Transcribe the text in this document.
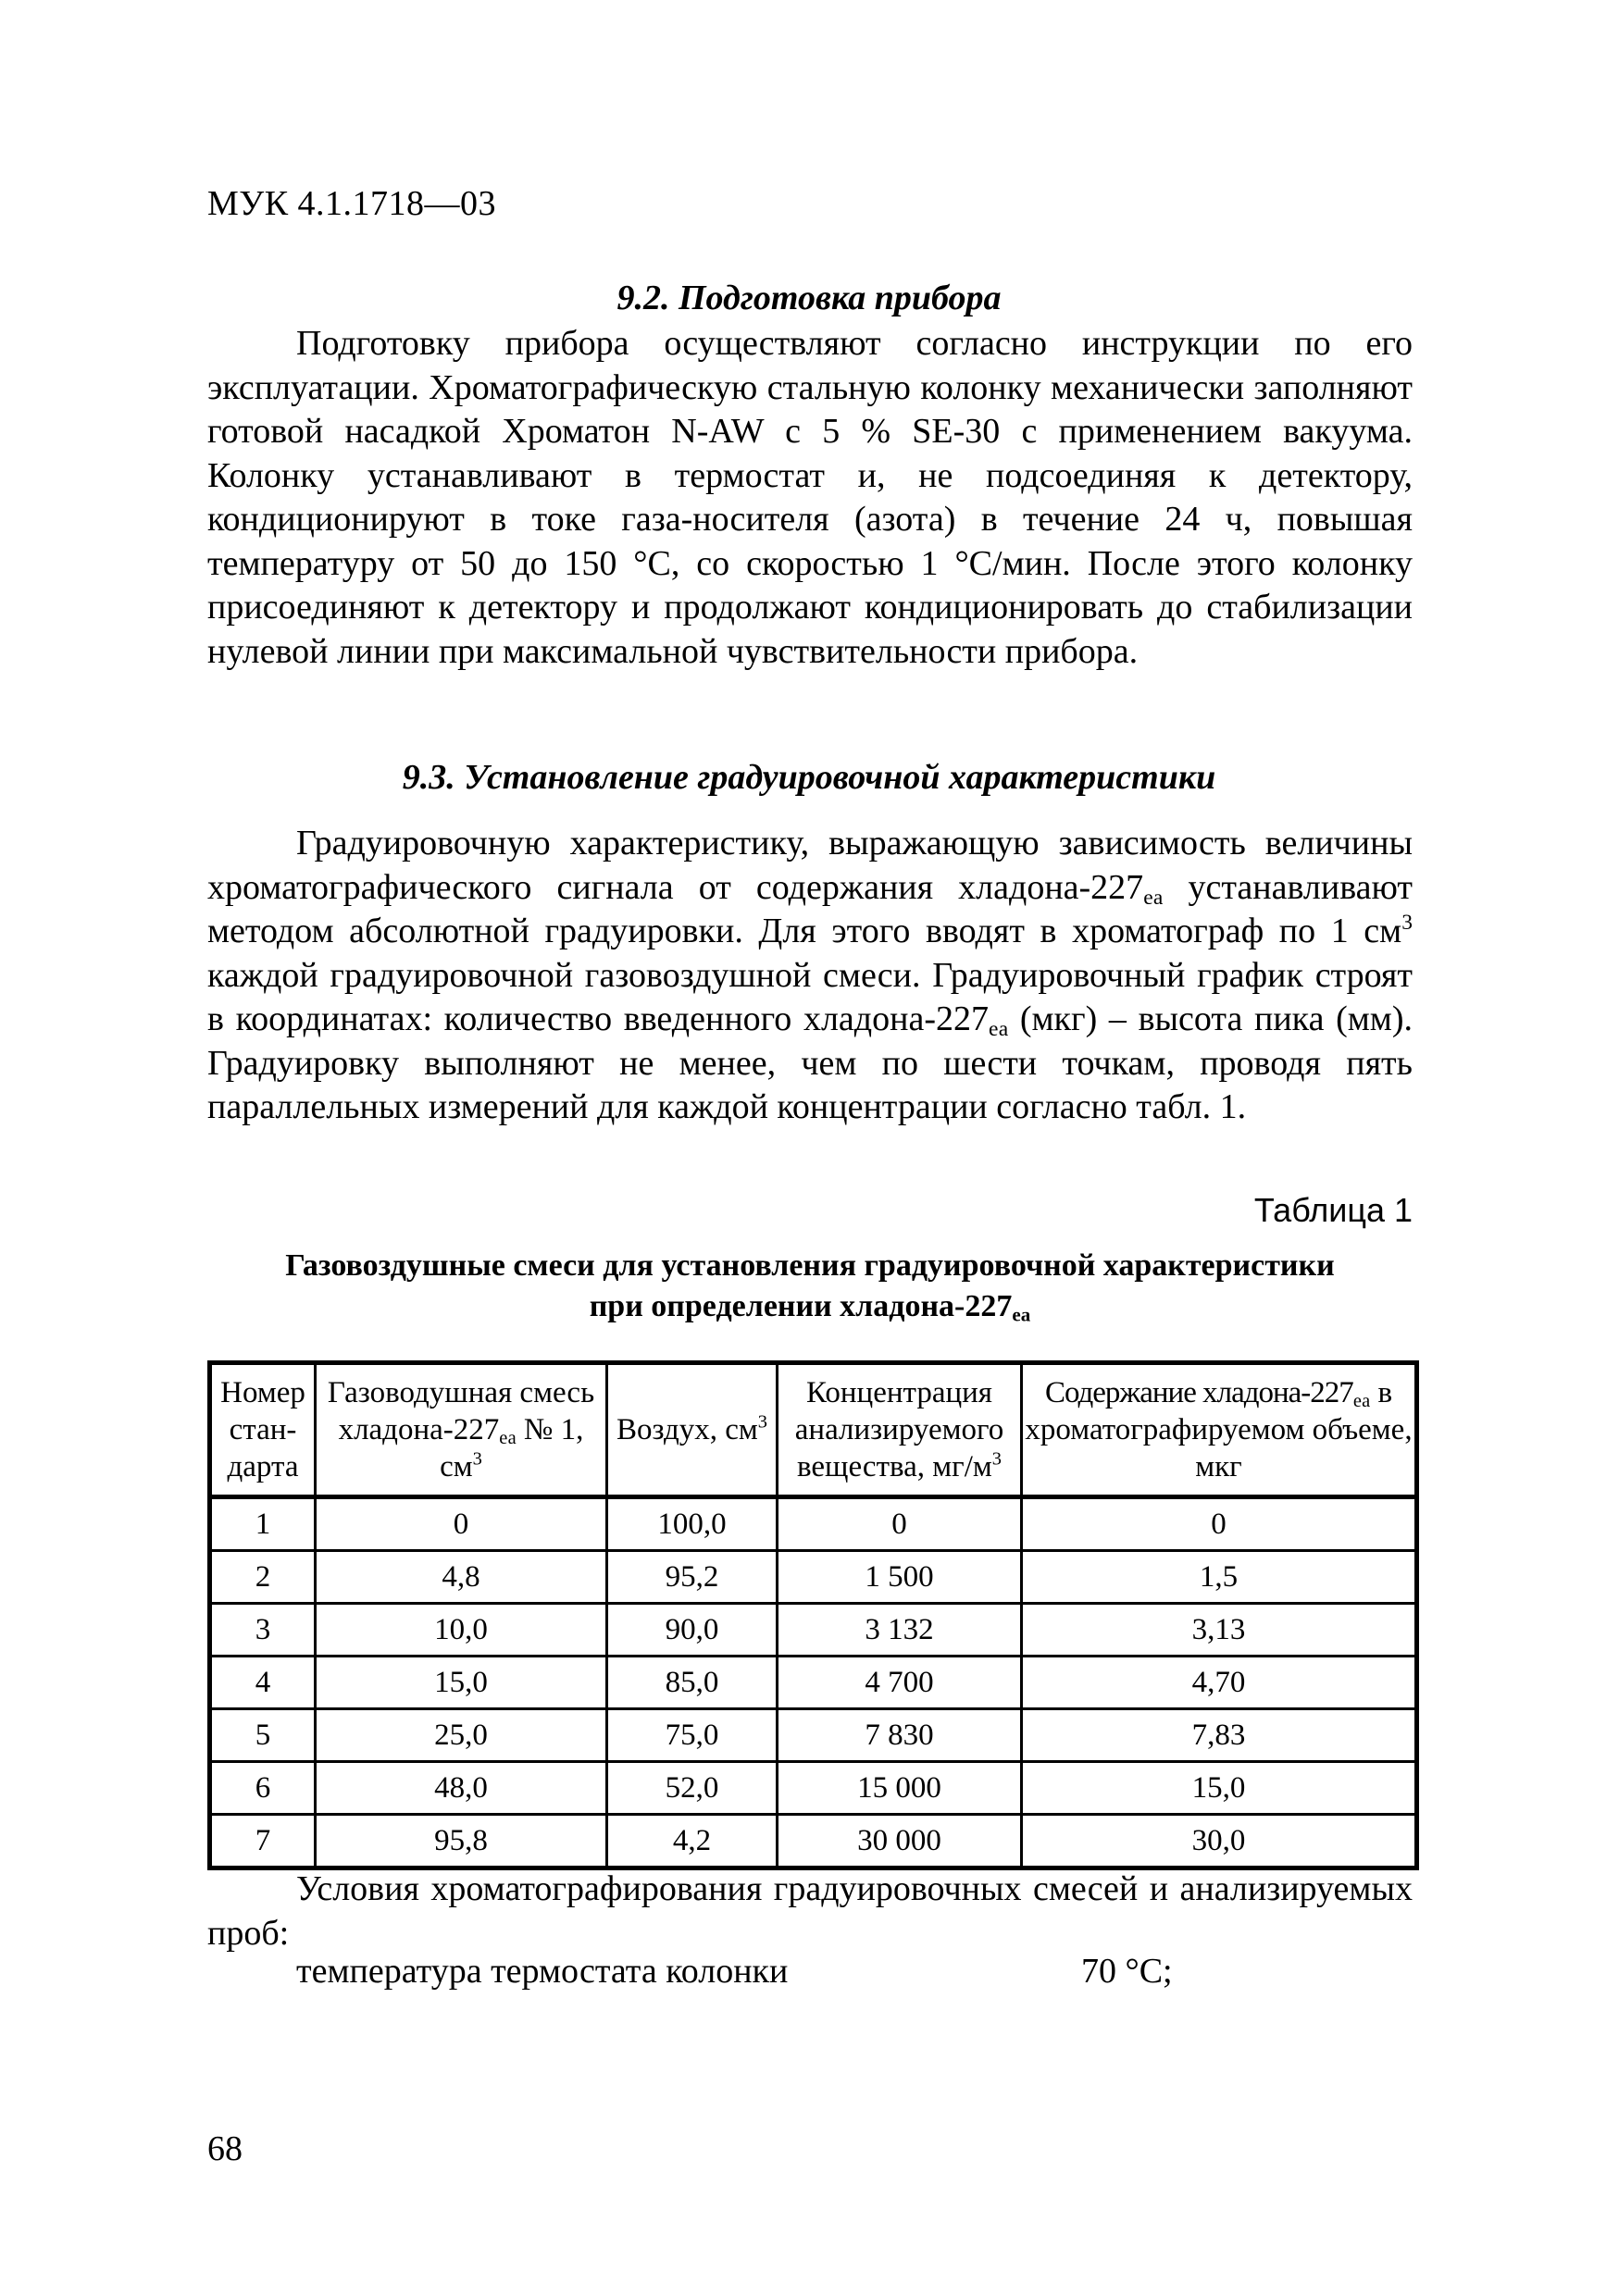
МУК 4.1.1718—03
9.2. Подготовка прибора
Подготовку прибора осуществляют согласно инструкции по его эксплуатации. Хроматографическую стальную колонку механически заполняют готовой насадкой Хроматон N-AW с 5 % SE-30 с применением вакуума. Колонку устанавливают в термостат и, не подсоединяя к детектору, кондиционируют в токе газа-носителя (азота) в течение 24 ч, повышая температуру от 50 до 150 °С, со скоростью 1 °С/мин. После этого колонку присоединяют к детектору и продолжают кондиционировать до стабилизации нулевой линии при максимальной чувствительности прибора.
9.3. Установление градуировочной характеристики
Градуировочную характеристику, выражающую зависимость величины хроматографического сигнала от содержания хладона-$227_{еа}$ устанавливают методом абсолютной градуировки. Для этого вводят в хроматограф по 1 $см^3$ каждой градуировочной газовоздушной смеси. Градуировочный график строят в координатах: количество введенного хладона-$227_{еа}$ (мкг) – высота пика (мм). Градуировку выполняют не менее, чем по шести точкам, проводя пять параллельных измерений для каждой концентрации согласно табл. 1.
Таблица 1
Газовоздушные смеси для установления градуировочной характеристики
при определении хладона-$227_{еа}$
Номер стандарта	Газоводушная смесь хладона-$227_{еа}$ № 1, $см^3$	Воздух, $см^3$	Концентрация анализируемого вещества, $мг/м^3$	Содержание хладона-$227_{еа}$ в хроматографируемом объеме, мкг
1	0	100,0	0	0
2	4,8	95,2	1 500	1,5
3	10,0	90,0	3 132	3,13
4	15,0	85,0	4 700	4,70
5	25,0	75,0	7 830	7,83
6	48,0	52,0	15 000	15,0
7	95,8	4,2	30 000	30,0
Условия хроматографирования градуировочных смесей и анализируемых проб:
температура термостата колонки	70 °С;
68
